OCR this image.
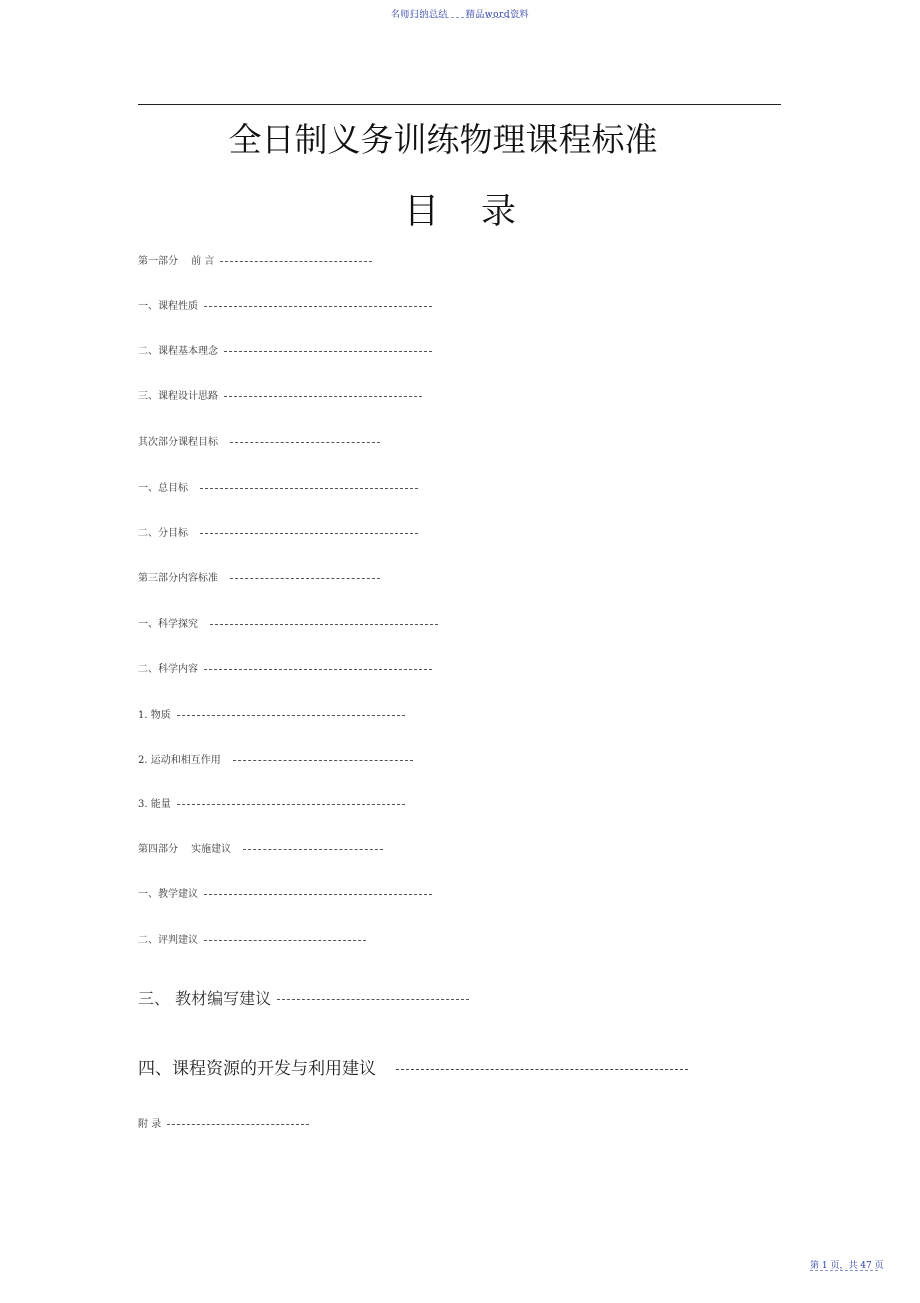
名师归纳总结 精品word资料
全日制义务训练物理课程标准
目 录
第一部分　 前 言
一、课程性质
二、课程基本理念
三、课程设计思路
其次部分课程目标
一、总目标
二、分目标
第三部分内容标准
一、科学探究
二、科学内容
1. 物质
2. 运动和相互作用
3. 能量
第四部分　 实施建议
一、教学建议
二、评判建议
三、 教材编写建议
四、课程资源的开发与利用建议
附 录
第 1 页，共 47 页
